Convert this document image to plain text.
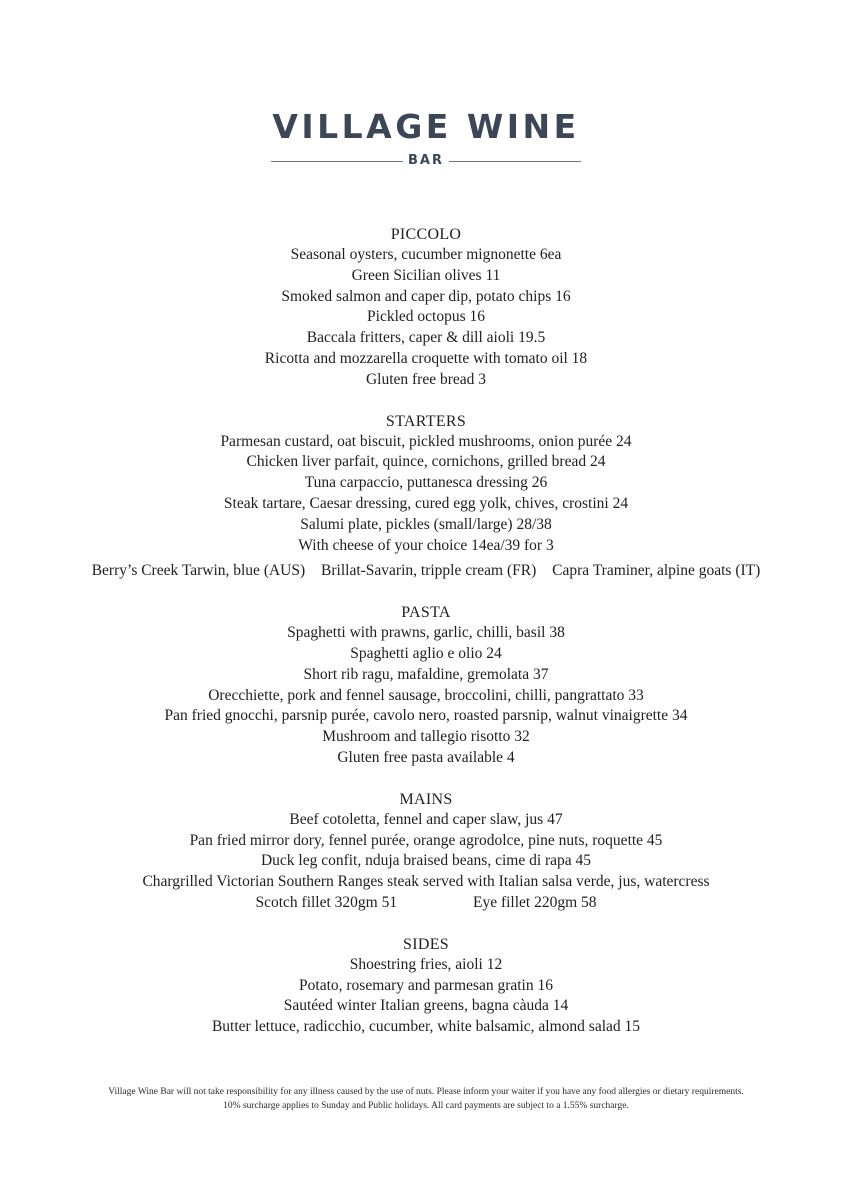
VILLAGE WINE
BAR
PICCOLO
Seasonal oysters, cucumber mignonette 6ea
Green Sicilian olives 11
Smoked salmon and caper dip, potato chips 16
Pickled octopus 16
Baccala fritters, caper & dill aioli 19.5
Ricotta and mozzarella croquette with tomato oil 18
Gluten free bread 3
STARTERS
Parmesan custard, oat biscuit, pickled mushrooms, onion purée 24
Chicken liver parfait, quince, cornichons, grilled bread 24
Tuna carpaccio, puttanesca dressing 26
Steak tartare, Caesar dressing, cured egg yolk, chives, crostini 24
Salumi plate, pickles (small/large) 28/38
With cheese of your choice 14ea/39 for 3
Berry’s Creek Tarwin, blue (AUS) Brillat-Savarin, tripple cream (FR) Capra Traminer, alpine goats (IT)
PASTA
Spaghetti with prawns, garlic, chilli, basil 38
Spaghetti aglio e olio 24
Short rib ragu, mafaldine, gremolata 37
Orecchiette, pork and fennel sausage, broccolini, chilli, pangrattato 33
Pan fried gnocchi, parsnip purée, cavolo nero, roasted parsnip, walnut vinaigrette 34
Mushroom and tallegio risotto 32
Gluten free pasta available 4
MAINS
Beef cotoletta, fennel and caper slaw, jus 47
Pan fried mirror dory, fennel purée, orange agrodolce, pine nuts, roquette 45
Duck leg confit, nduja braised beans, cime di rapa 45
Chargrilled Victorian Southern Ranges steak served with Italian salsa verde, jus, watercress
Scotch fillet 320gm 51	Eye fillet 220gm 58
SIDES
Shoestring fries, aioli 12
Potato, rosemary and parmesan gratin 16
Sautéed winter Italian greens, bagna càuda 14
Butter lettuce, radicchio, cucumber, white balsamic, almond salad 15
Village Wine Bar will not take responsibility for any illness caused by the use of nuts. Please inform your waiter if you have any food allergies or dietary requirements.
10% surcharge applies to Sunday and Public holidays. All card payments are subject to a 1.55% surcharge.
